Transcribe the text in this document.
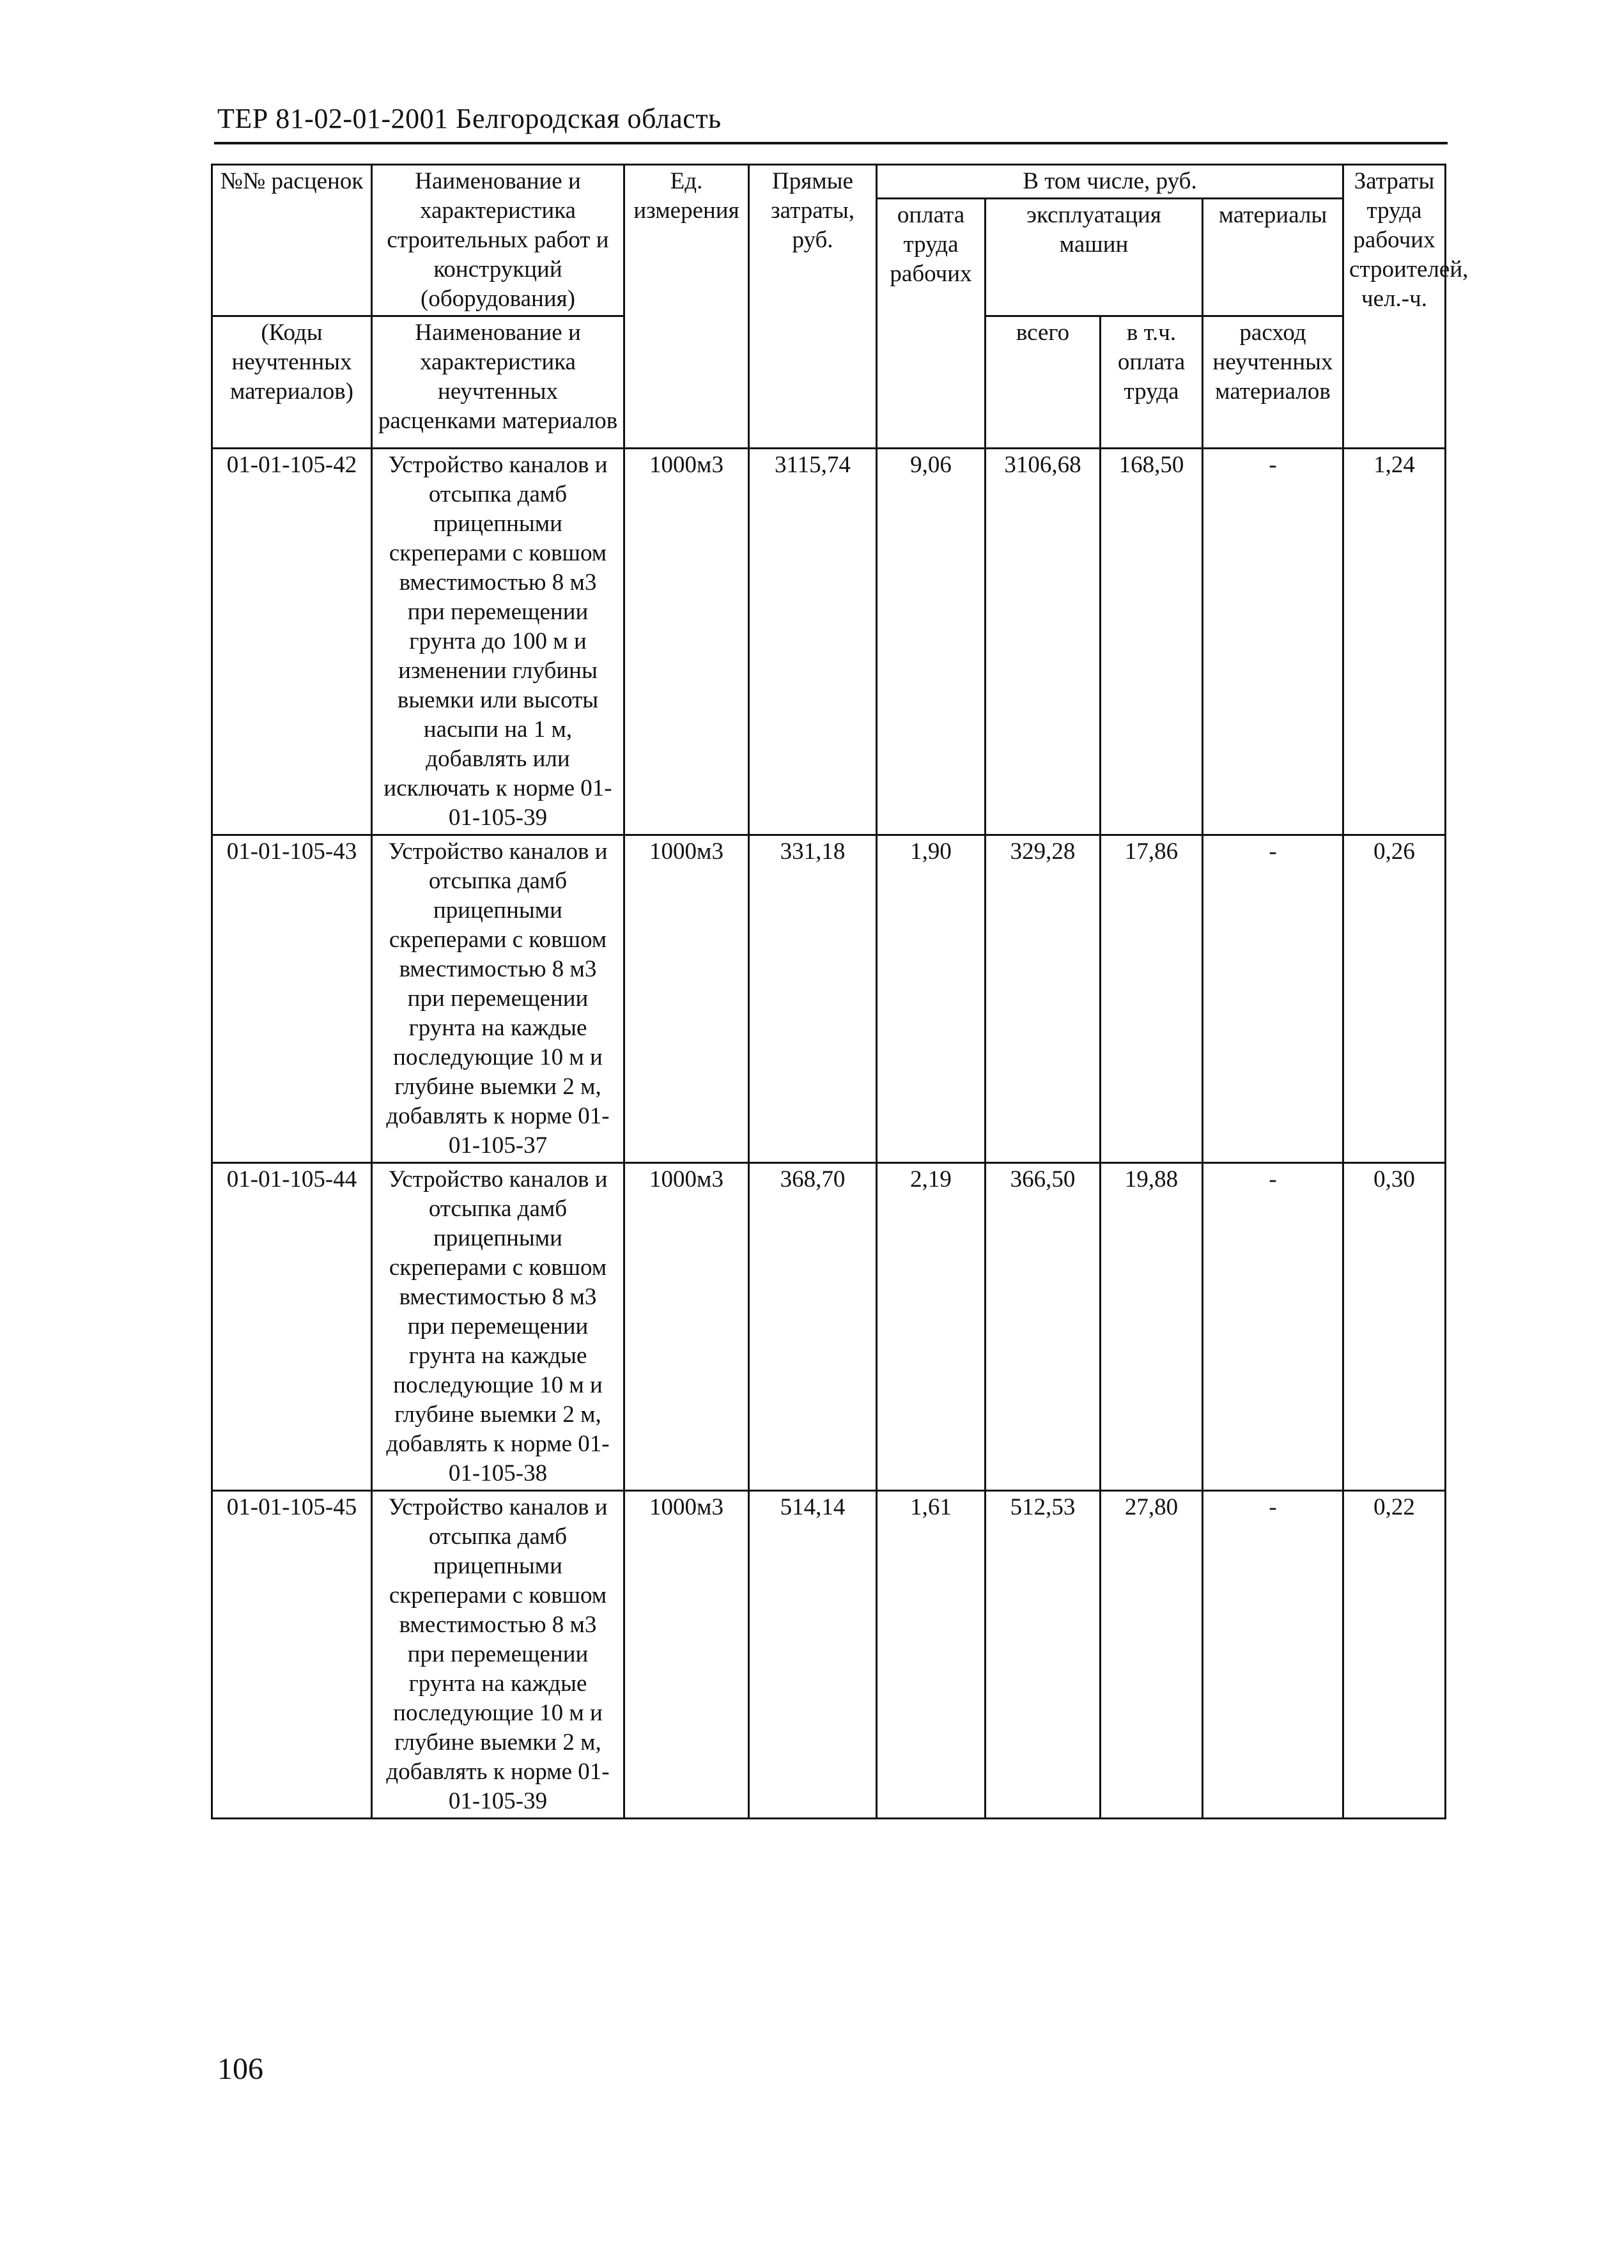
ТЕР 81-02-01-2001 Белгородская область
№№ расценок	Наименование и характеристика строительных работ и конструкций (оборудования)	Ед. измерения	Прямые затраты, руб.	В том числе, руб.				Затраты труда рабочих строителей, чел.-ч.
				оплата труда рабочих	эксплуатация машин		материалы	

(Коды неучтенных материалов)	Наименование и характеристика неучтенных расценками материалов				всего	в т.ч. оплата труда	расход неучтенных материалов	

01-01-105-42	Устройство каналов и отсыпка дамб прицепными скреперами с ковшом вместимостью 8 м3 при перемещении грунта до 100 м и изменении глубины выемки или высоты насыпи на 1 м, добавлять или исключать к норме 01-01-105-39	1000м3	3115,74	9,06	3106,68	168,50	-	1,24
01-01-105-43	Устройство каналов и отсыпка дамб прицепными скреперами с ковшом вместимостью 8 м3 при перемещении грунта на каждые последующие 10 м и глубине выемки 2 м, добавлять к норме 01-01-105-37	1000м3	331,18	1,90	329,28	17,86	-	0,26
01-01-105-44	Устройство каналов и отсыпка дамб прицепными скреперами с ковшом вместимостью 8 м3 при перемещении грунта на каждые последующие 10 м и глубине выемки 2 м, добавлять к норме 01-01-105-38	1000м3	368,70	2,19	366,50	19,88	-	0,30
01-01-105-45	Устройство каналов и отсыпка дамб прицепными скреперами с ковшом вместимостью 8 м3 при перемещении грунта на каждые последующие 10 м и глубине выемки 2 м, добавлять к норме 01-01-105-39	1000м3	514,14	1,61	512,53	27,80	-	0,22
106
